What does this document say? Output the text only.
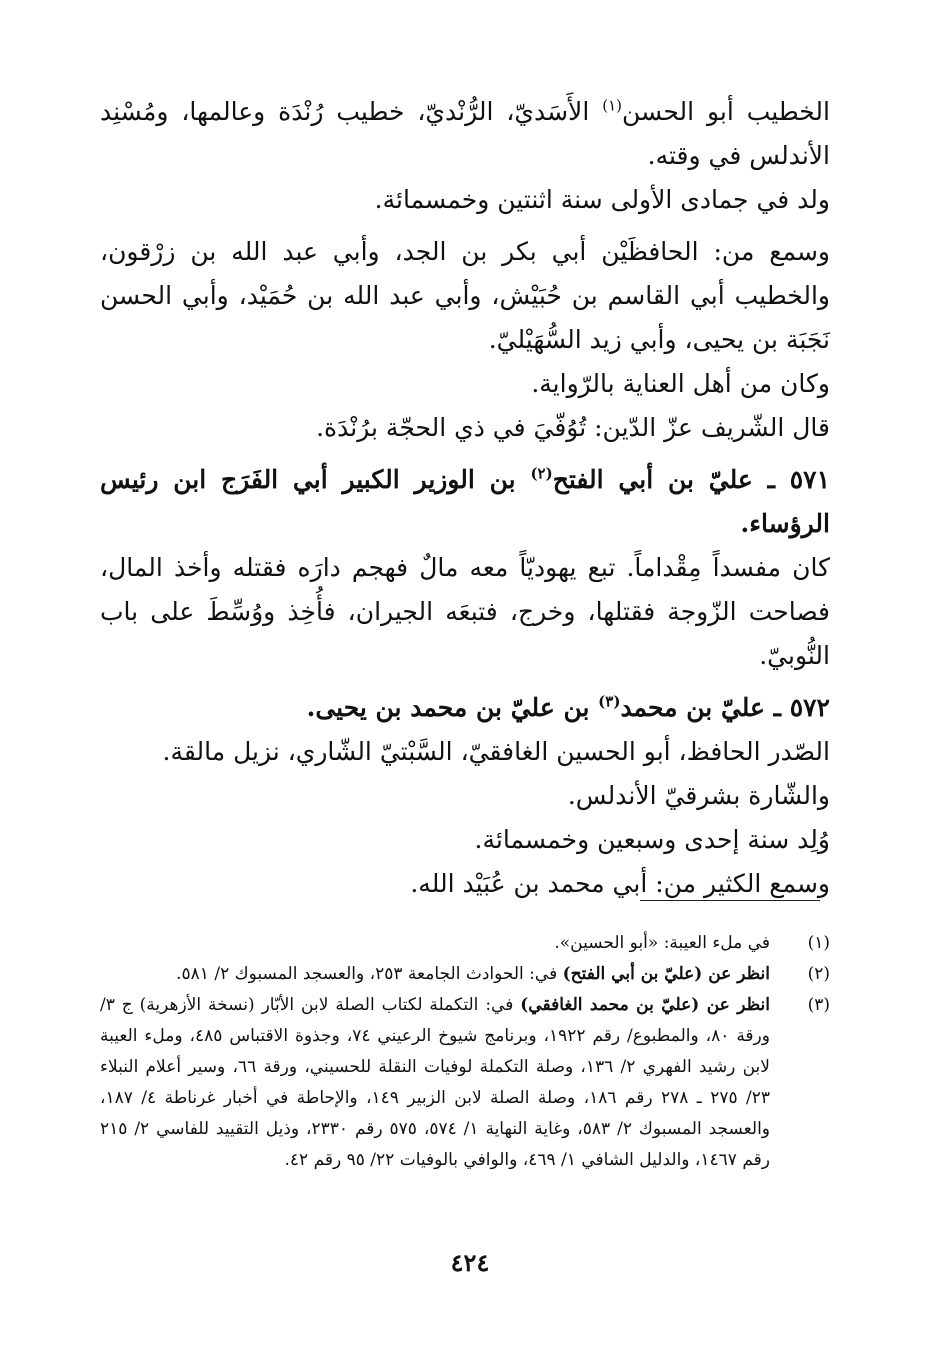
الخطيب أبو الحسن$^{(١)}$ الأَسَديّ، الرُّنْديّ، خطيب رُنْدَة وعالمها، ومُسْنِد الأندلس في وقته.

ولد في جمادى الأولى سنة اثنتين وخمسمائة.

وسمع من: الحافظَيْن أبي بكر بن الجد، وأبي عبد الله بن زرْقون، والخطيب أبي القاسم بن حُبَيْش، وأبي عبد الله بن حُمَيْد، وأبي الحسن نَجَبَة بن يحيى، وأبي زيد السُّهَيْليّ.

وكان من أهل العناية بالرّواية.

قال الشّريف عزّ الدّين: تُوُفّيَ في ذي الحجّة برُنْدَة.

٥٧١ ـ عليّ بن أبي الفتح$^{(٢)}$ بن الوزير الكبير أبي الفَرَج ابن رئيس الرؤساء.

كان مفسداً مِقْداماً. تبع يهوديّاً معه مالٌ فهجم دارَه فقتله وأخذ المال، فصاحت الزّوجة فقتلها، وخرج، فتبعَه الجيران، فأُخِذ ووُسِّطَ على باب النُّوبيّ.

٥٧٢ ـ عليّ بن محمد$^{(٣)}$ بن عليّ بن محمد بن يحيى.

الصّدر الحافظ، أبو الحسين الغافقيّ، السَّبْتيّ الشّاري، نزيل مالقة.

والشّارة بشرقيّ الأندلس.

وُلِد سنة إحدى وسبعين وخمسمائة.

وسمع الكثير من: أبي محمد بن عُبَيْد الله.

(١)
في ملء العيبة: «أبو الحسين».
(٢)
انظر عن (عليّ بن أبي الفتح) في: الحوادث الجامعة ٢٥٣، والعسجد المسبوك ٢/ ٥٨١.
(٣)
انظر عن (عليّ بن محمد الغافقي) في: التكملة لكتاب الصلة لابن الأبّار (نسخة الأزهرية) ج ٣/ورقة ٨٠، والمطبوع/ رقم ١٩٢٢، وبرنامج شيوخ الرعيني ٧٤، وجذوة الاقتباس ٤٨٥، وملء العيبة لابن رشيد الفهري ٢/ ١٣٦، وصلة التكملة لوفيات النقلة للحسيني، ورقة ٦٦، وسير أعلام النبلاء ٢٣/ ٢٧٥ ـ ٢٧٨ رقم ١٨٦، وصلة الصلة لابن الزبير ١٤٩، والإحاطة في أخبار غرناطة ٤/ ١٨٧، والعسجد المسبوك ٢/ ٥٨٣، وغاية النهاية ١/ ٥٧٤، ٥٧٥ رقم ٢٣٣٠، وذيل التقييد للفاسي ٢/ ٢١٥ رقم ١٤٦٧، والدليل الشافي ١/ ٤٦٩، والوافي بالوفيات ٢٢/ ٩٥ رقم ٤٢.
٤٢٤
